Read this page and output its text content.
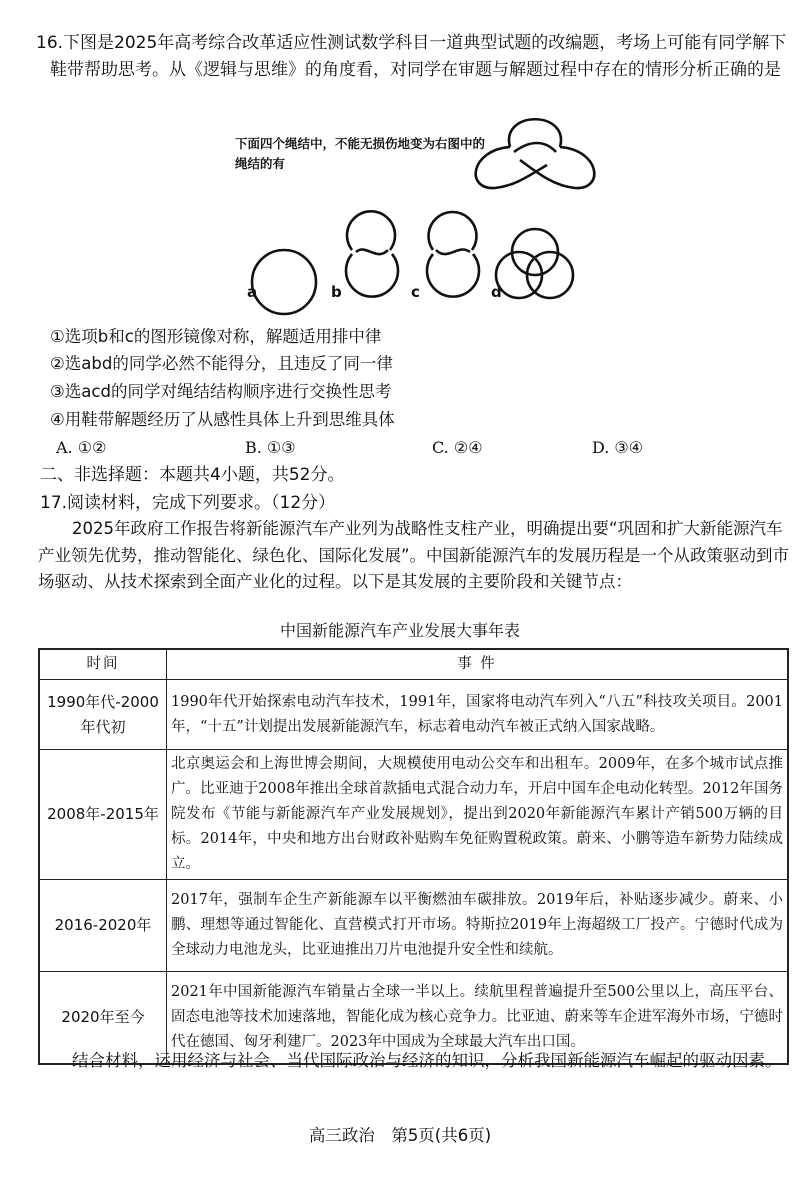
16.下图是2025年高考综合改革适应性测试数学科目一道典型试题的改编题，考场上可能有同学解下鞋带帮助思考。从《逻辑与思维》的角度看，对同学在审题与解题过程中存在的情形分析正确的是
下面四个绳结中，不能无损伤地变为右图中的绳结的有
a	b	c	d
①选项b和c的图形镜像对称，解题适用排中律
②选abd的同学必然不能得分，且违反了同一律
③选acd的同学对绳结结构顺序进行交换性思考
④用鞋带解题经历了从感性具体上升到思维具体
A. ①②	B. ①③	C. ②④	D. ③④
二、非选择题：本题共4小题，共52分。
17.阅读材料，完成下列要求。（12分）
2025年政府工作报告将新能源汽车产业列为战略性支柱产业，明确提出要“巩固和扩大新能源汽车产业领先优势，推动智能化、绿色化、国际化发展”。中国新能源汽车的发展历程是一个从政策驱动到市场驱动、从技术探索到全面产业化的过程。以下是其发展的主要阶段和关键节点：
中国新能源汽车产业发展大事年表
时间	事 件
1990年代-2000年代初	1990年代开始探索电动汽车技术，1991年，国家将电动汽车列入“八五”科技攻关项目。2001年，“十五”计划提出发展新能源汽车，标志着电动汽车被正式纳入国家战略。
2008年-2015年	北京奥运会和上海世博会期间，大规模使用电动公交车和出租车。2009年，在多个城市试点推广。比亚迪于2008年推出全球首款插电式混合动力车，开启中国车企电动化转型。2012年国务院发布《节能与新能源汽车产业发展规划》，提出到2020年新能源汽车累计产销500万辆的目标。2014年，中央和地方出台财政补贴购车免征购置税政策。蔚来、小鹏等造车新势力陆续成立。
2016-2020年	2017年，强制车企生产新能源车以平衡燃油车碳排放。2019年后，补贴逐步减少。蔚来、小鹏、理想等通过智能化、直营模式打开市场。特斯拉2019年上海超级工厂投产。宁德时代成为全球动力电池龙头，比亚迪推出刀片电池提升安全性和续航。
2020年至今	2021年中国新能源汽车销量占全球一半以上。续航里程普遍提升至500公里以上，高压平台、固态电池等技术加速落地，智能化成为核心竞争力。比亚迪、蔚来等车企进军海外市场，宁德时代在德国、匈牙利建厂。2023年中国成为全球最大汽车出口国。
结合材料，运用经济与社会、当代国际政治与经济的知识，分析我国新能源汽车崛起的驱动因素。
高三政治　第5页(共6页)
